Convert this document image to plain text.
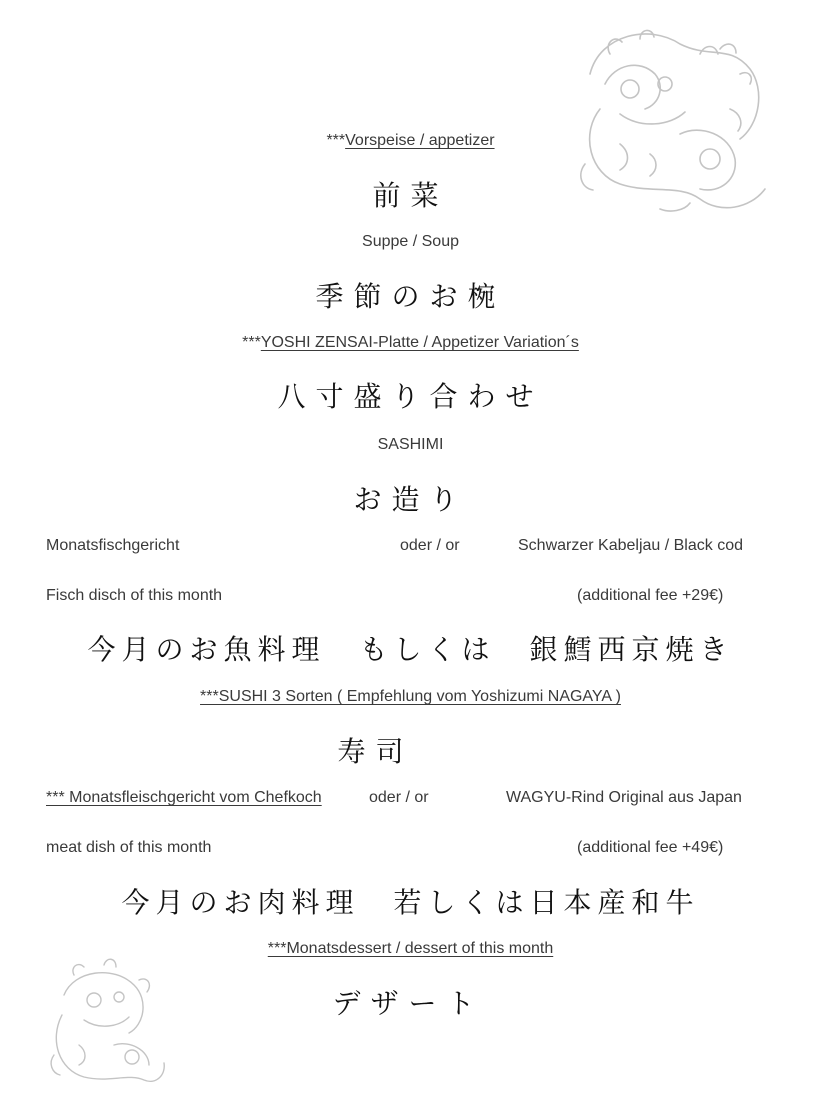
***Vorspeise / appetizer
前菜
Suppe / Soup
季節のお椀
***YOSHI ZENSAI-Platte / Appetizer Variation´s
八寸盛り合わせ
SASHIMI
お造り
Monatsfischgericht	oder / or	Schwarzer Kabeljau / Black cod
Fisch disch of this month	(additional fee +29€)
今月のお魚料理　もしくは　銀鱈西京焼き
***SUSHI 3 Sorten ( Empfehlung vom Yoshizumi NAGAYA )
寿司
*** Monatsfleischgericht vom Chefkoch	oder / or	WAGYU-Rind Original aus Japan
meat dish of this month	(additional fee +49€)
今月のお肉料理　若しくは日本産和牛
***Monatsdessert / dessert of this month
デザート
